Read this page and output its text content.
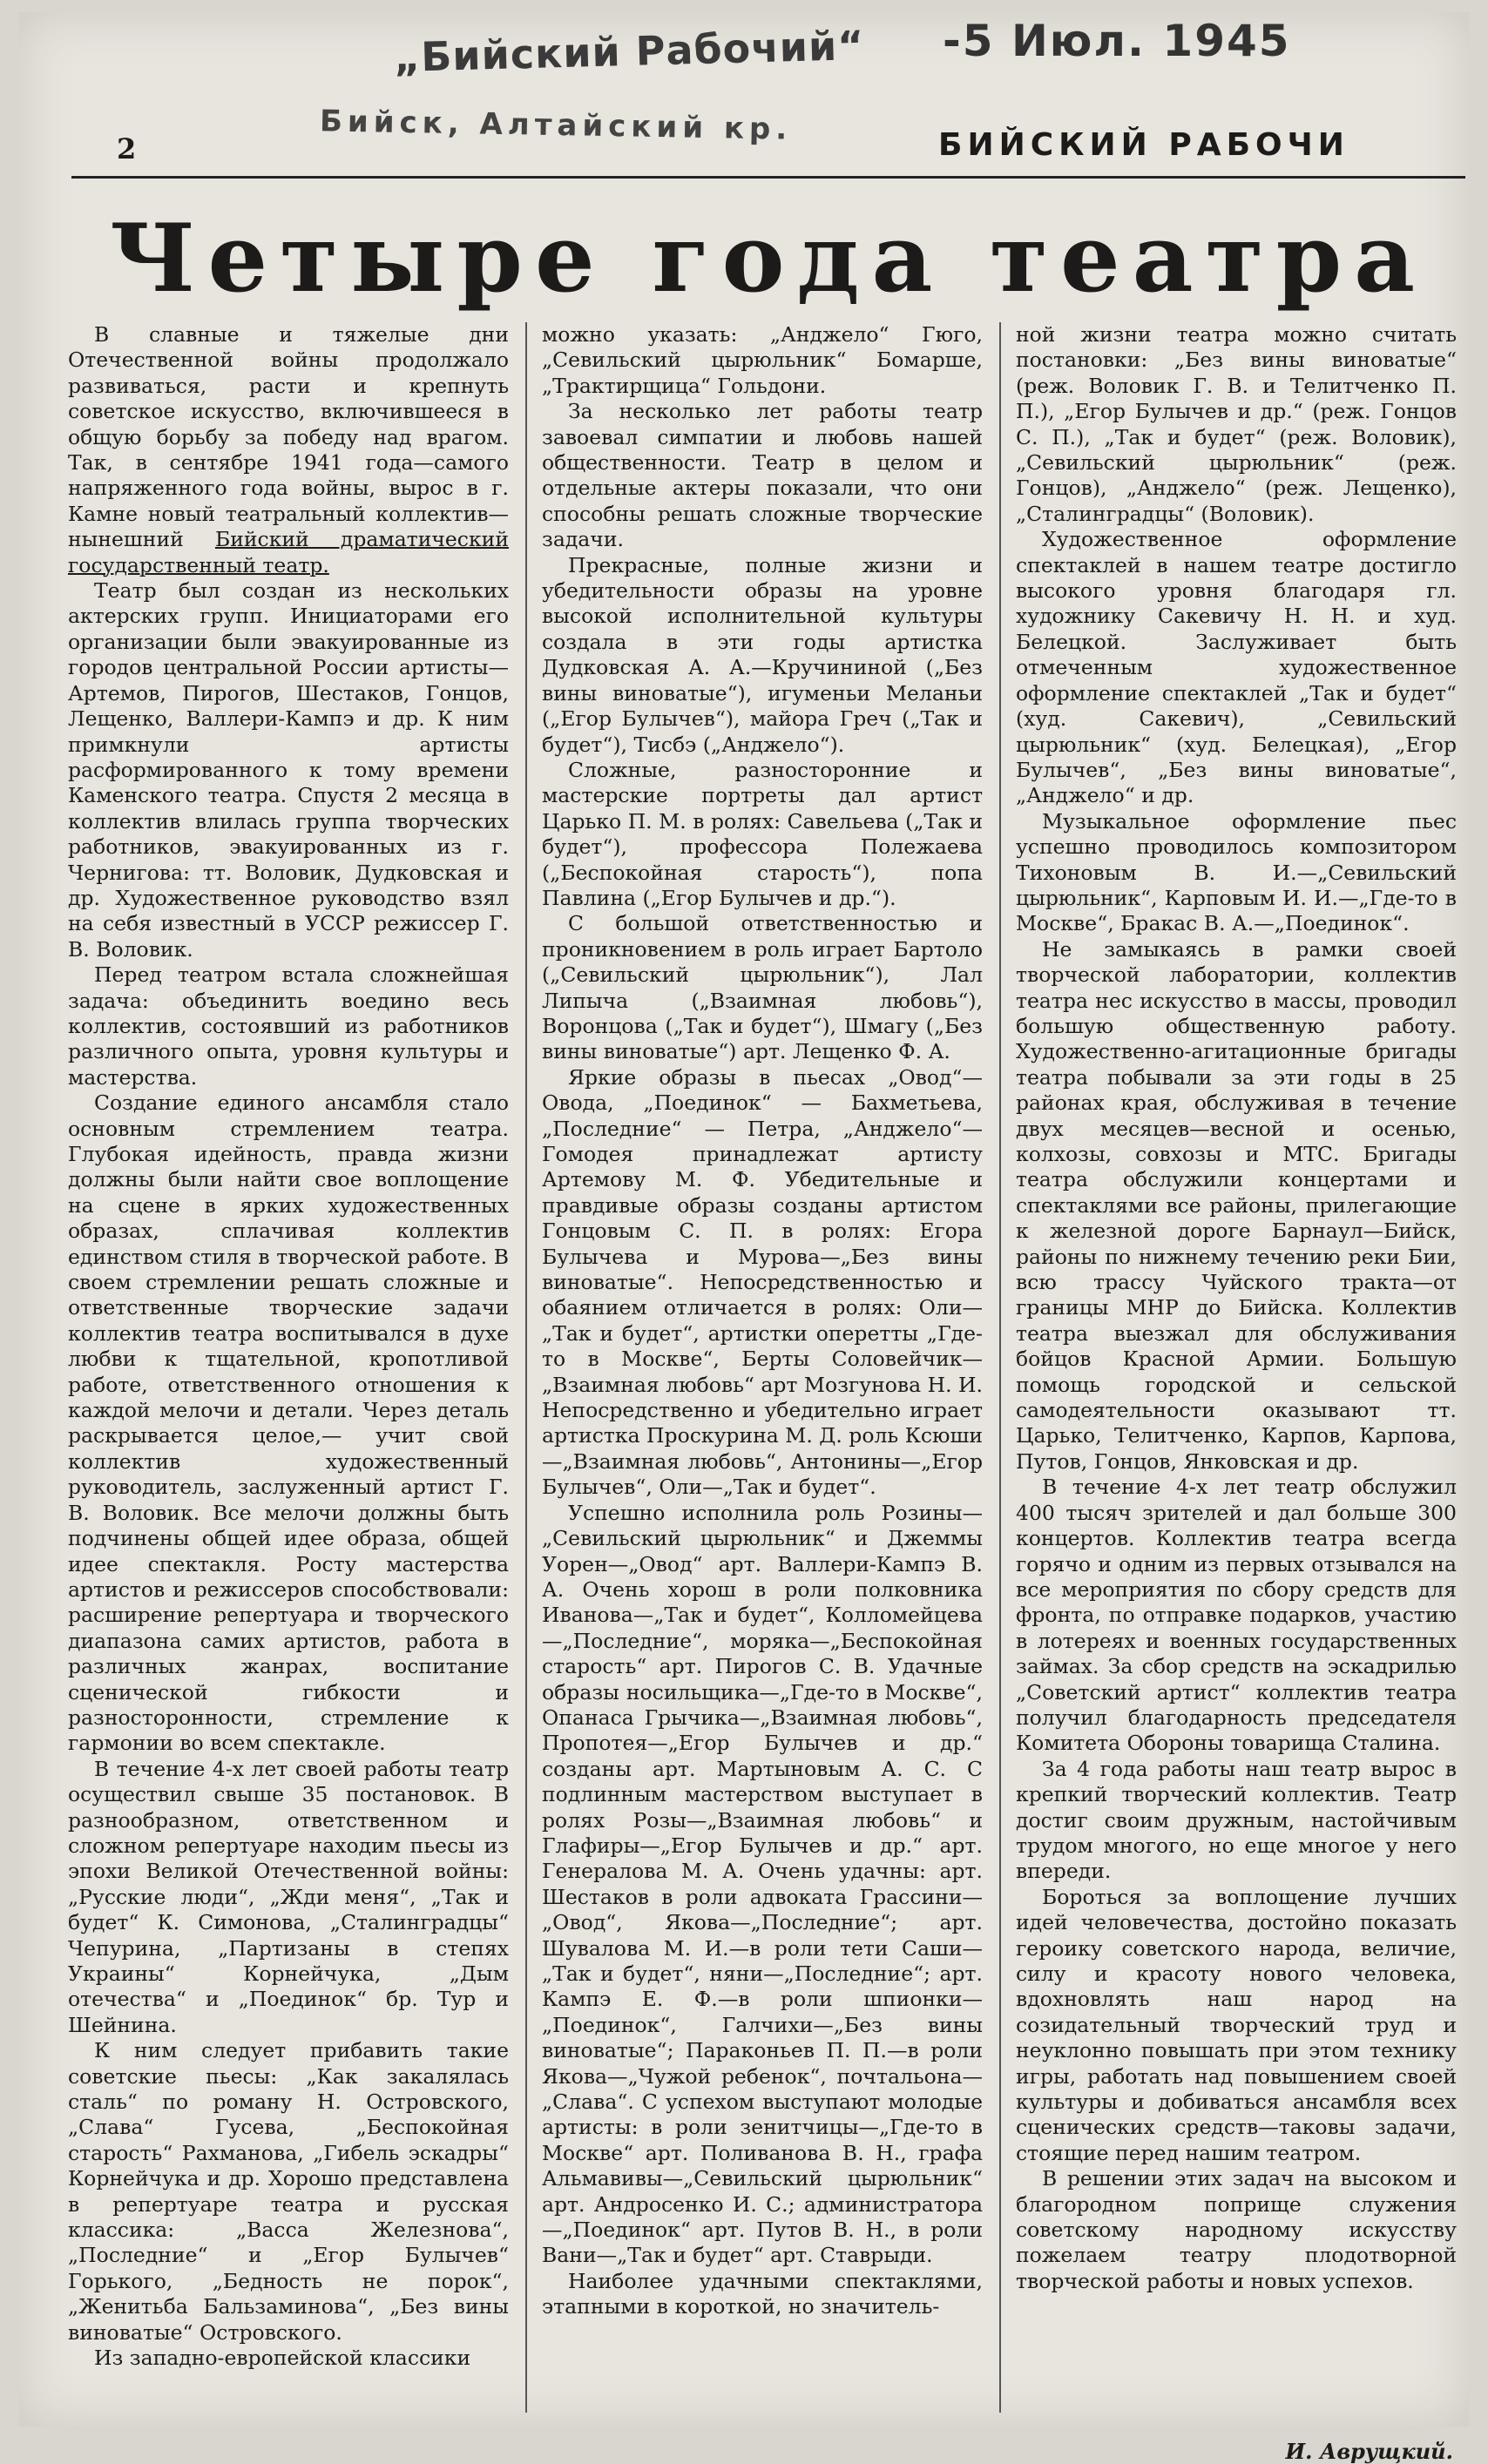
„Бийский Рабочий“
Бийск, Алтайский кр.
-5 Июл. 1945
2	БИЙСКИЙ РАБОЧИ
Четыре года театра

В славные и тяжелые дни Отечественной войны продолжало развиваться, расти и крепнуть советское искусство, включившееся в общую борьбу за победу над врагом. Так, в сентябре 1941 года—самого напряженного года войны, вырос в г. Камне новый театральный коллектив—нынешний Бийский драматический государственный театр.

Театр был создан из нескольких актерских групп. Инициаторами его организации были эвакуированные из городов центральной России артисты—Артемов, Пирогов, Шестаков, Гонцов, Лещенко, Валлери-Кампэ и др. К ним примкнули артисты расформированного к тому времени Каменского театра. Спустя 2 месяца в коллектив влилась группа творческих работников, эвакуированных из г. Чернигова: тт. Воловик, Дудковская и др. Художественное руководство взял на себя известный в УССР режиссер Г. В. Воловик.

Перед театром встала сложнейшая задача: объединить воедино весь коллектив, состоявший из работников различного опыта, уровня культуры и мастерства.

Создание единого ансамбля стало основным стремлением театра. Глубокая идейность, правда жизни должны были найти свое воплощение на сцене в ярких художественных образах, сплачивая коллектив единством стиля в творческой работе. В своем стремлении решать сложные и ответственные творческие задачи коллектив театра воспитывался в духе любви к тщательной, кропотливой работе, ответственного отношения к каждой мелочи и детали. Через деталь раскрывается целое,— учит свой коллектив художественный руководитель, заслуженный артист Г. В. Воловик. Все мелочи должны быть подчинены общей идее образа, общей идее спектакля. Росту мастерства артистов и режиссеров способствовали: расширение репертуара и творческого диапазона самих артистов, работа в различных жанрах, воспитание сценической гибкости и разносторонности, стремление к гармонии во всем спектакле.

В течение 4-х лет своей работы театр осуществил свыше 35 постановок. В разнообразном, ответственном и сложном репертуаре находим пьесы из эпохи Великой Отечественной войны: „Русские люди“, „Жди меня“, „Так и будет“ К. Симонова, „Сталинградцы“ Чепурина, „Партизаны в степях Украины“ Корнейчука, „Дым отечества“ и „Поединок“ бр. Тур и Шейнина.

К ним следует прибавить такие советские пьесы: „Как закалялась сталь“ по роману Н. Островского, „Слава“ Гусева, „Беспокойная старость“ Рахманова, „Гибель эскадры“ Корнейчука и др. Хорошо представлена в репертуаре театра и русская классика: „Васса Железнова“, „Последние“ и „Егор Булычев“ Горького, „Бедность не порок“, „Женитьба Бальзаминова“, „Без вины виноватые“ Островского.

Из западно-европейской классики

можно указать: „Анджело“ Гюго, „Севильский цырюльник“ Бомарше, „Трактирщица“ Гольдони.

За несколько лет работы театр завоевал симпатии и любовь нашей общественности. Театр в целом и отдельные актеры показали, что они способны решать сложные творческие задачи.

Прекрасные, полные жизни и убедительности образы на уровне высокой исполнительной культуры создала в эти годы артистка Дудковская А. А.—Кручининой („Без вины виноватые“), игуменьи Меланьи („Егор Булычев“), майора Греч („Так и будет“), Тисбэ („Анджело“).

Сложные, разносторонние и мастерские портреты дал артист Царько П. М. в ролях: Савельева („Так и будет“), профессора Полежаева („Беспокойная старость“), попа Павлина („Егор Булычев и др.“).

С большой ответственностью и проникновением в роль играет Бартоло („Севильский цырюльник“), Лал Липыча („Взаимная любовь“), Воронцова („Так и будет“), Шмагу („Без вины виноватые“) арт. Лещенко Ф. А.

Яркие образы в пьесах „Овод“—Овода, „Поединок“ — Бахметьева, „Последние“ — Петра, „Анджело“—Гомодея принадлежат артисту Артемову М. Ф. Убедительные и правдивые образы созданы артистом Гонцовым С. П. в ролях: Егора Булычева и Мурова—„Без вины виноватые“. Непосредственностью и обаянием отличается в ролях: Оли—„Так и будет“, артистки оперетты „Где-то в Москве“, Берты Соловейчик—„Взаимная любовь“ арт Мозгунова Н. И. Непосредственно и убедительно играет артистка Проскурина М. Д. роль Ксюши—„Взаимная любовь“, Антонины—„Егор Булычев“, Оли—„Так и будет“.

Успешно исполнила роль Розины—„Севильский цырюльник“ и Джеммы Уорен—„Овод“ арт. Валлери-Кампэ В. А. Очень хорош в роли полковника Иванова—„Так и будет“, Колломейцева—„Последние“, моряка—„Беспокойная старость“ арт. Пирогов С. В. Удачные образы носильщика—„Где-то в Москве“, Опанаса Грычика—„Взаимная любовь“, Пропотея—„Егор Булычев и др.“ созданы арт. Мартыновым А. С. С подлинным мастерством выступает в ролях Розы—„Взаимная любовь“ и Глафиры—„Егор Булычев и др.“ арт. Генералова М. А. Очень удачны: арт. Шестаков в роли адвоката Грассини—„Овод“, Якова—„Последние“; арт. Шувалова М. И.—в роли тети Саши—„Так и будет“, няни—„Последние“; арт. Кампэ Е. Ф.—в роли шпионки—„Поединок“, Галчихи—„Без вины виноватые“; Параконьев П. П.—в роли Якова—„Чужой ребенок“, почтальона—„Слава“. С успехом выступают молодые артисты: в роли зенитчицы—„Где-то в Москве“ арт. Поливанова В. Н., графа Альмавивы—„Севильский цырюльник“ арт. Андросенко И. С.; администратора—„Поединок“ арт. Путов В. Н., в роли Вани—„Так и будет“ арт. Ставрыди.

Наиболее удачными спектаклями, этапными в короткой, но значитель-

ной жизни театра можно считать постановки: „Без вины виноватые“ (реж. Воловик Г. В. и Телитченко П. П.), „Егор Булычев и др.“ (реж. Гонцов С. П.), „Так и будет“ (реж. Воловик), „Севильский цырюльник“ (реж. Гонцов), „Анджело“ (реж. Лещенко), „Сталинградцы“ (Воловик).

Художественное оформление спектаклей в нашем театре достигло высокого уровня благодаря гл. художнику Сакевичу Н. Н. и худ. Белецкой. Заслуживает быть отмеченным художественное оформление спектаклей „Так и будет“ (худ. Сакевич), „Севильский цырюльник“ (худ. Белецкая), „Егор Булычев“, „Без вины виноватые“, „Анджело“ и др.

Музыкальное оформление пьес успешно проводилось композитором Тихоновым В. И.—„Севильский цырюльник“, Карповым И. И.—„Где-то в Москве“, Бракас В. А.—„Поединок“.

Не замыкаясь в рамки своей творческой лаборатории, коллектив театра нес искусство в массы, проводил большую общественную работу. Художественно-агитационные бригады театра побывали за эти годы в 25 районах края, обслуживая в течение двух месяцев—весной и осенью, колхозы, совхозы и МТС. Бригады театра обслужили концертами и спектаклями все районы, прилегающие к железной дороге Барнаул—Бийск, районы по нижнему течению реки Бии, всю трассу Чуйского тракта—от границы МНР до Бийска. Коллектив театра выезжал для обслуживания бойцов Красной Армии. Большую помощь городской и сельской самодеятельности оказывают тт. Царько, Телитченко, Карпов, Карпова, Путов, Гонцов, Янковская и др.

В течение 4-х лет театр обслужил 400 тысяч зрителей и дал больше 300 концертов. Коллектив театра всегда горячо и одним из первых отзывался на все мероприятия по сбору средств для фронта, по отправке подарков, участию в лотереях и военных государственных займах. За сбор средств на эскадрилью „Советский артист“ коллектив театра получил благодарность председателя Комитета Обороны товарища Сталина.

За 4 года работы наш театр вырос в крепкий творческий коллектив. Театр достиг своим дружным, настойчивым трудом многого, но еще многое у него впереди.

Бороться за воплощение лучших идей человечества, достойно показать героику советского народа, величие, силу и красоту нового человека, вдохновлять наш народ на созидательный творческий труд и неуклонно повышать при этом технику игры, работать над повышением своей культуры и добиваться ансамбля всех сценических средств—таковы задачи, стоящие перед нашим театром.

В решении этих задач на высоком и благородном поприще служения советскому народному искусству пожелаем театру плодотворной творческой работы и новых успехов.

И. Аврущкий.
